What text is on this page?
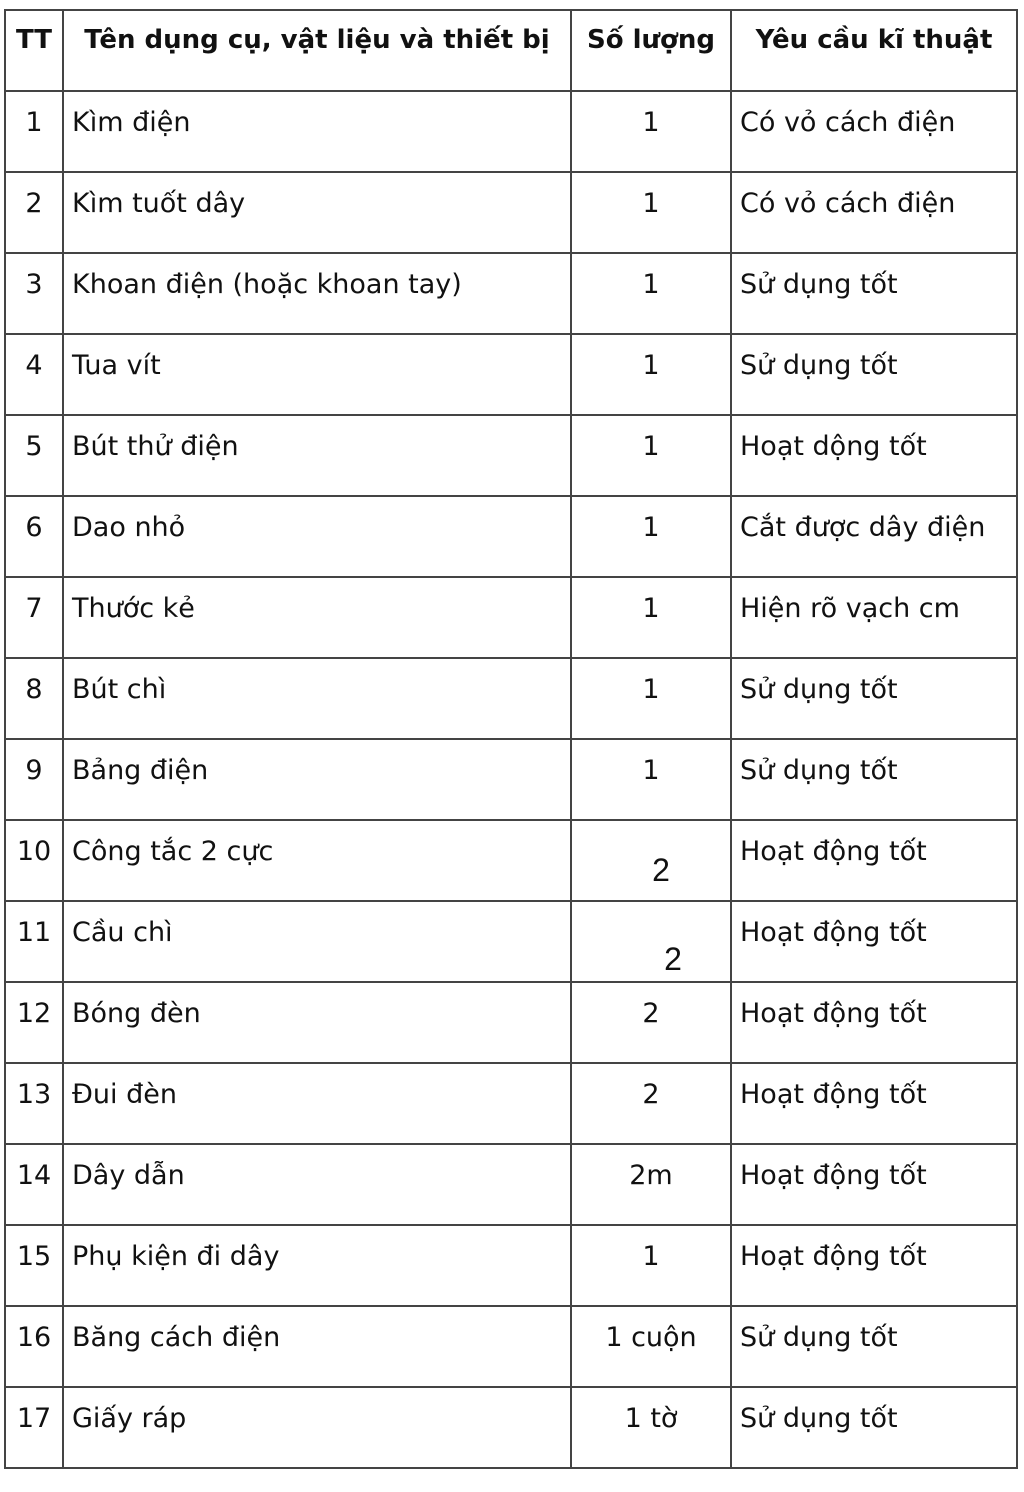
TT	Tên dụng cụ, vật liệu và thiết bị	Số lượng	Yêu cầu kĩ thuật
1	Kìm điện	1	Có vỏ cách điện
2	Kìm tuốt dây	1	Có vỏ cách điện
3	Khoan điện (hoặc khoan tay)	1	Sử dụng tốt
4	Tua vít	1	Sử dụng tốt
5	Bút thử điện	1	Hoạt dộng tốt
6	Dao nhỏ	1	Cắt được dây điện
7	Thước kẻ	1	Hiện rõ vạch cm
8	Bút chì	1	Sử dụng tốt
9	Bảng điện	1	Sử dụng tốt
10	Công tắc 2 cực	2	Hoạt động tốt
11	Cầu chì	2	Hoạt động tốt
12	Bóng đèn	2	Hoạt động tốt
13	Đui đèn	2	Hoạt động tốt
14	Dây dẫn	2m	Hoạt động tốt
15	Phụ kiện đi dây	1	Hoạt động tốt
16	Băng cách điện	1 cuộn	Sử dụng tốt
17	Giấy ráp	1 tờ	Sử dụng tốt
